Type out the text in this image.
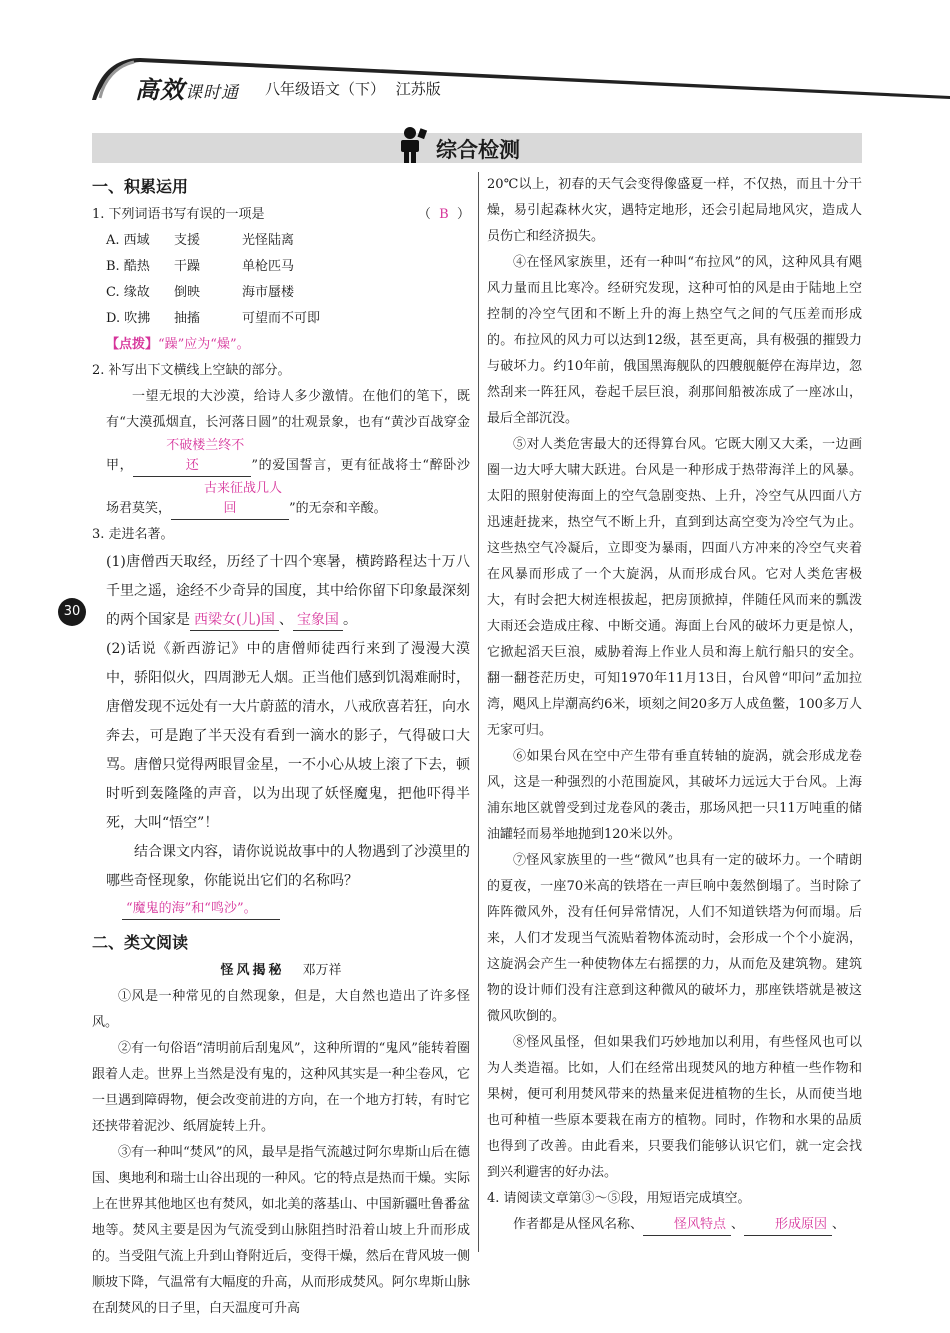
高效课时通 八年级语文（下） 江苏版
综合检测
30
一、积累运用
1. 下列词语书写有误的一项是	（ B ）
A. 西域	支援	光怪陆离
B. 酷热	干躁	单枪匹马
C. 缘故	倒映	海市蜃楼
D. 吹拂	抽搐	可望而不可即
【点拨】“躁”应为“燥”。
2. 补写出下文横线上空缺的部分。
一望无垠的大沙漠，给诗人多少激情。在他们的笔下，既有“大漠孤烟直，长河落日圆”的壮观景象，也有“黄沙百战穿金甲，不破楼兰终不还	”的爱国誓言，更有征战将士“醉卧沙场君莫笑，古来征战几人回	”的无奈和辛酸。
3. 走进名著。
(1)唐僧西天取经，历经了十四个寒暑，横跨路程达十万八千里之遥，途经不少奇异的国度，其中给你留下印象最深刻的两个国家是 西梁女(儿)国 、 宝象国 。
(2)话说《新西游记》中的唐僧师徒西行来到了漫漫大漠中，骄阳似火，四周渺无人烟。正当他们感到饥渴难耐时，唐僧发现不远处有一大片蔚蓝的清水，八戒欣喜若狂，向水奔去，可是跑了半天没有看到一滴水的影子，气得破口大骂。唐僧只觉得两眼冒金星，一不小心从坡上滚了下去，顿时听到轰隆隆的声音，以为出现了妖怪魔鬼，把他吓得半死，大叫“悟空”！
结合课文内容，请你说说故事中的人物遇到了沙漠里的哪些奇怪现象，你能说出它们的名称吗？
“魔鬼的海”和“鸣沙”。
二、类文阅读
怪风揭秘 邓万祥
①风是一种常见的自然现象，但是，大自然也造出了许多怪风。
②有一句俗语“清明前后刮鬼风”，这种所谓的“鬼风”能转着圈跟着人走。世界上当然是没有鬼的，这种风其实是一种尘卷风，它一旦遇到障碍物，便会改变前进的方向，在一个地方打转，有时它还挟带着泥沙、纸屑旋转上升。
③有一种叫“焚风”的风，最早是指气流越过阿尔卑斯山后在德国、奥地利和瑞士山谷出现的一种风。它的特点是热而干燥。实际上在世界其他地区也有焚风，如北美的落基山、中国新疆吐鲁番盆地等。焚风主要是因为气流受到山脉阻挡时沿着山坡上升而形成的。当受阻气流上升到山脊附近后，变得干燥，然后在背风坡一侧顺坡下降，气温常有大幅度的升高，从而形成焚风。阿尔卑斯山脉在刮焚风的日子里，白天温度可升高
20℃以上，初春的天气会变得像盛夏一样，不仅热，而且十分干燥，易引起森林火灾，遇特定地形，还会引起局地风灾，造成人员伤亡和经济损失。
④在怪风家族里，还有一种叫“布拉风”的风，这种风具有飓风力量而且比寒冷。经研究发现，这种可怕的风是由于陆地上空控制的冷空气团和不断上升的海上热空气之间的气压差而形成的。布拉风的风力可以达到12级，甚至更高，具有极强的摧毁力与破坏力。约10年前，俄国黑海舰队的四艘舰艇停在海岸边，忽然刮来一阵狂风，卷起千层巨浪，刹那间船被冻成了一座冰山，最后全部沉没。
⑤对人类危害最大的还得算台风。它既大刚又大柔，一边画圈一边大呼大啸大跃进。台风是一种形成于热带海洋上的风暴。太阳的照射使海面上的空气急剧变热、上升，冷空气从四面八方迅速赶拢来，热空气不断上升，直到到达高空变为冷空气为止。这些热空气冷凝后，立即变为暴雨，四面八方冲来的冷空气夹着在风暴而形成了一个大旋涡，从而形成台风。它对人类危害极大，有时会把大树连根拔起，把房顶掀掉，伴随任风而来的瓢泼大雨还会造成庄稼、中断交通。海面上台风的破坏力更是惊人，它掀起滔天巨浪，威胁着海上作业人员和海上航行船只的安全。翻一翻苍茫历史，可知1970年11月13日，台风曾“叩问”孟加拉湾，飓风上岸潮高约6米，顷刻之间20多万人成鱼鳖，100多万人无家可归。
⑥如果台风在空中产生带有垂直转轴的旋涡，就会形成龙卷风，这是一种强烈的小范围旋风，其破坏力远远大于台风。上海浦东地区就曾受到过龙卷风的袭击，那场风把一只11万吨重的储油罐轻而易举地抛到120米以外。
⑦怪风家族里的一些“微风”也具有一定的破坏力。一个晴朗的夏夜，一座70米高的铁塔在一声巨响中轰然倒塌了。当时除了阵阵微风外，没有任何异常情况，人们不知道铁塔为何而塌。后来，人们才发现当气流贴着物体流动时，会形成一个个小旋涡，这旋涡会产生一种使物体左右摇摆的力，从而危及建筑物。建筑物的设计师们没有注意到这种微风的破坏力，那座铁塔就是被这微风吹倒的。
⑧怪风虽怪，但如果我们巧妙地加以利用，有些怪风也可以为人类造福。比如，人们在经常出现焚风的地方种植一些作物和果树，便可利用焚风带来的热量来促进植物的生长，从而使当地也可种植一些原本要栽在南方的植物。同时，作物和水果的品质也得到了改善。由此看来，只要我们能够认识它们，就一定会找到兴利避害的好办法。
4. 请阅读文章第③～⑤段，用短语完成填空。
作者都是从怪风名称、 怪风特点 、 形成原因 、
